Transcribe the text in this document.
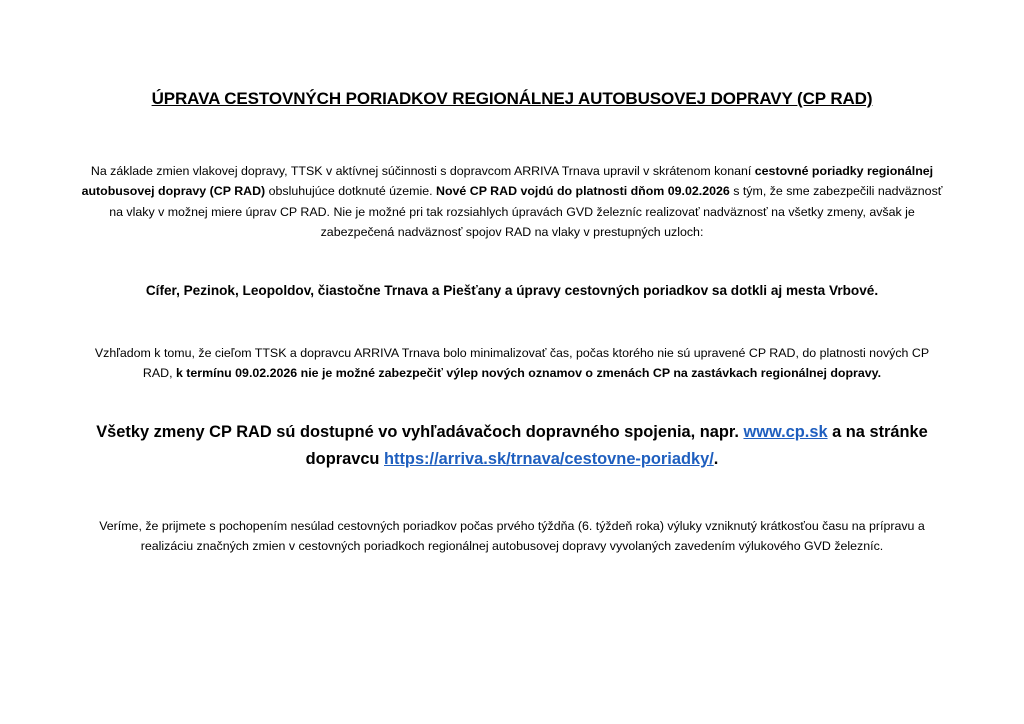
ÚPRAVA CESTOVNÝCH PORIADKOV REGIONÁLNEJ AUTOBUSOVEJ DOPRAVY (CP RAD)
Na základe zmien vlakovej dopravy, TTSK v aktívnej súčinnosti s dopravcom ARRIVA Trnava upravil v skrátenom konaní cestovné poriadky regionálnej autobusovej dopravy (CP RAD) obsluhujúce dotknuté územie. Nové CP RAD vojdú do platnosti dňom 09.02.2026 s tým, že sme zabezpečili nadväznosť na vlaky v možnej miere úprav CP RAD. Nie je možné pri tak rozsiahlych úpravách GVD železníc realizovať nadväznosť na všetky zmeny, avšak je zabezpečená nadväznosť spojov RAD na vlaky v prestupných uzloch:
Cífer, Pezinok, Leopoldov, čiastočne Trnava a Piešťany a úpravy cestovných poriadkov sa dotkli aj mesta Vrbové.
Vzhľadom k tomu, že cieľom TTSK a dopravcu ARRIVA Trnava bolo minimalizovať čas, počas ktorého nie sú upravené CP RAD, do platnosti nových CP RAD, k termínu 09.02.2026 nie je možné zabezpečiť výlep nových oznamov o zmenách CP na zastávkach regionálnej dopravy.
Všetky zmeny CP RAD sú dostupné vo vyhľadávačoch dopravného spojenia, napr. www.cp.sk a na stránke dopravcu https://arriva.sk/trnava/cestovne-poriadky/.
Veríme, že prijmete s pochopením nesúlad cestovných poriadkov počas prvého týždňa (6. týždeň roka) výluky vzniknutý krátkosťou času na prípravu a realizáciu značných zmien v cestovných poriadkoch regionálnej autobusovej dopravy vyvolaných zavedením výlukového GVD železníc.
